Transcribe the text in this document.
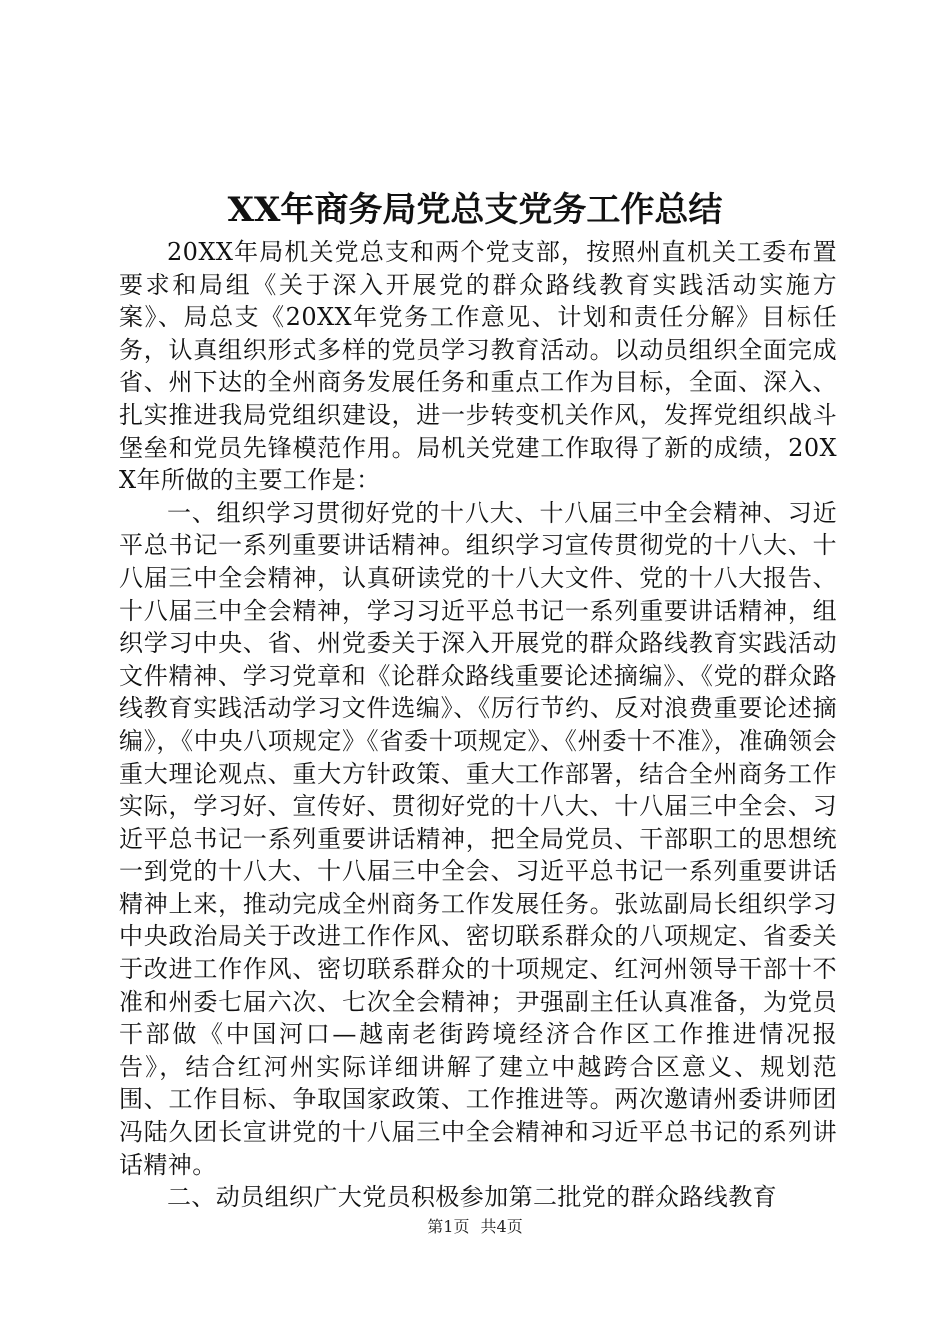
XX年商务局党总支党务工作总结

20XX年局机关党总支和两个党支部，按照州直机关工委布置要求和局组《关于深入开展党的群众路线教育实践活动实施方案》、局总支《20XX年党务工作意见、计划和责任分解》目标任务，认真组织形式多样的党员学习教育活动。以动员组织全面完成省、州下达的全州商务发展任务和重点工作为目标，全面、深入、扎实推进我局党组织建设，进一步转变机关作风，发挥党组织战斗堡垒和党员先锋模范作用。局机关党建工作取得了新的成绩，20XX年所做的主要工作是：

一、组织学习贯彻好党的十八大、十八届三中全会精神、习近平总书记一系列重要讲话精神。组织学习宣传贯彻党的十八大、十八届三中全会精神，认真研读党的十八大文件、党的十八大报告、十八届三中全会精神，学习习近平总书记一系列重要讲话精神，组织学习中央、省、州党委关于深入开展党的群众路线教育实践活动文件精神、学习党章和《论群众路线重要论述摘编》、《党的群众路线教育实践活动学习文件选编》、《厉行节约、反对浪费重要论述摘编》，《中央八项规定》《省委十项规定》、《州委十不准》，准确领会重大理论观点、重大方针政策、重大工作部署，结合全州商务工作实际，学习好、宣传好、贯彻好党的十八大、十八届三中全会、习近平总书记一系列重要讲话精神，把全局党员、干部职工的思想统一到党的十八大、十八届三中全会、习近平总书记一系列重要讲话精神上来，推动完成全州商务工作发展任务。张竑副局长组织学习中央政治局关于改进工作作风、密切联系群众的八项规定、省委关于改进工作作风、密切联系群众的十项规定、红河州领导干部十不准和州委七届六次、七次全会精神；尹强副主任认真准备，为党员干部做《中国河口—越南老街跨境经济合作区工作推进情况报告》，结合红河州实际详细讲解了建立中越跨合区意义、规划范围、工作目标、争取国家政策、工作推进等。两次邀请州委讲师团冯陆久团长宣讲党的十八届三中全会精神和习近平总书记的系列讲话精神。

二、动员组织广大党员积极参加第二批党的群众路线教育

第1页 共4页
